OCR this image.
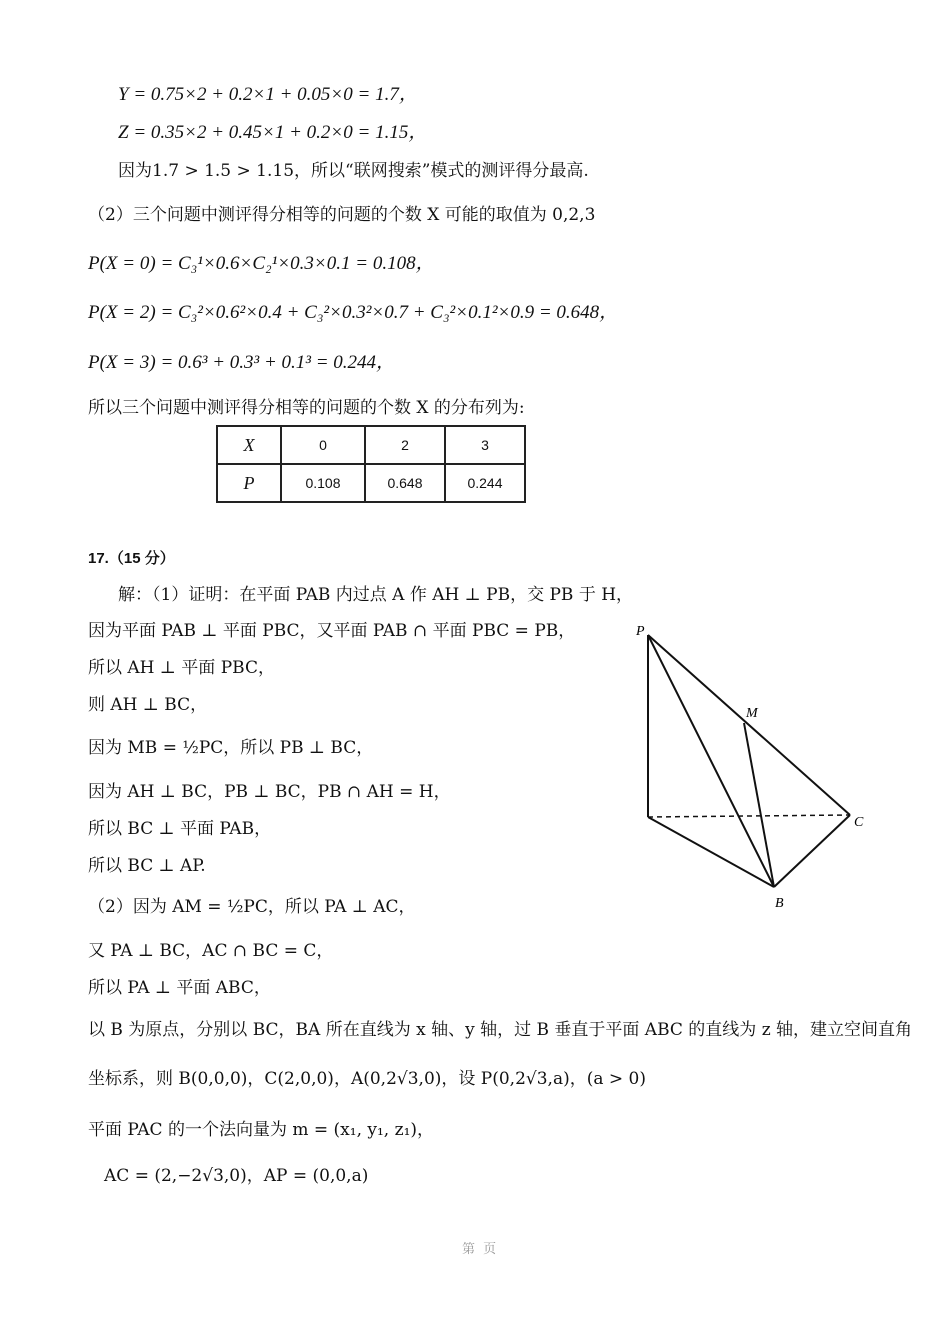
Y = 0.75×2 + 0.2×1 + 0.05×0 = 1.7，
Z = 0.35×2 + 0.45×1 + 0.2×0 = 1.15，
因为1.7 > 1.5 > 1.15，所以“联网搜索”模式的测评得分最高.
（2）三个问题中测评得分相等的问题的个数 X 可能的取值为 0,2,3
P(X = 0) = C₃¹×0.6×C₂¹×0.3×0.1 = 0.108，
P(X = 2) = C₃²×0.6²×0.4 + C₃²×0.3²×0.7 + C₃²×0.1²×0.9 = 0.648，
P(X = 3) = 0.6³ + 0.3³ + 0.1³ = 0.244，
所以三个问题中测评得分相等的问题的个数 X 的分布列为:
X	0	2	3
P	0.108	0.648	0.244
17.（15 分）
解：（1）证明：在平面 PAB 内过点 A 作 AH ⊥ PB，交 PB 于 H，
因为平面 PAB ⊥ 平面 PBC，又平面 PAB ∩ 平面 PBC = PB，
所以 AH ⊥ 平面 PBC，
则 AH ⊥ BC，
因为 MB = ½PC，所以 PB ⊥ BC，
因为 AH ⊥ BC，PB ⊥ BC，PB ∩ AH = H，
所以 BC ⊥ 平面 PAB，
所以 BC ⊥ AP.
（2）因为 AM = ½PC，所以 PA ⊥ AC，
又 PA ⊥ BC，AC ∩ BC = C，
所以 PA ⊥ 平面 ABC，
以 B 为原点，分别以 BC，BA 所在直线为 x 轴、y 轴，过 B 垂直于平面 ABC 的直线为 z 轴，建立空间直角
坐标系，则 B(0,0,0)，C(2,0,0)，A(0,2√3,0)，设 P(0,2√3,a)，(a > 0)
平面 PAC 的一个法向量为 m = (x₁, y₁, z₁)，
AC = (2,−2√3,0)，AP = (0,0,a)
P
M
C
B
第 页
